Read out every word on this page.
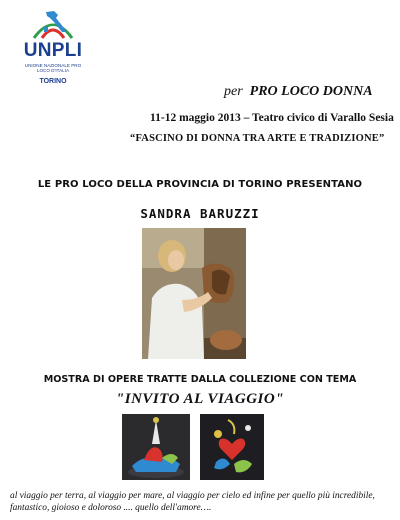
UNPLI
UNIONE NAZIONALE PRO LOCO D'ITALIA
TORINO
per PRO LOCO DONNA
11-12 maggio 2013 – Teatro civico di Varallo Sesia
“FASCINO DI DONNA TRA ARTE E TRADIZIONE”
LE PRO LOCO DELLA PROVINCIA DI TORINO PRESENTANO
SANDRA BARUZZI
MOSTRA DI OPERE TRATTE DALLA COLLEZIONE CON TEMA
"INVITO AL VIAGGIO"
al viaggio per terra, al viaggio per mare, al viaggio per cielo ed infine per quello più incredibile, fantastico, gioioso e doloroso .... quello dell'amore….
